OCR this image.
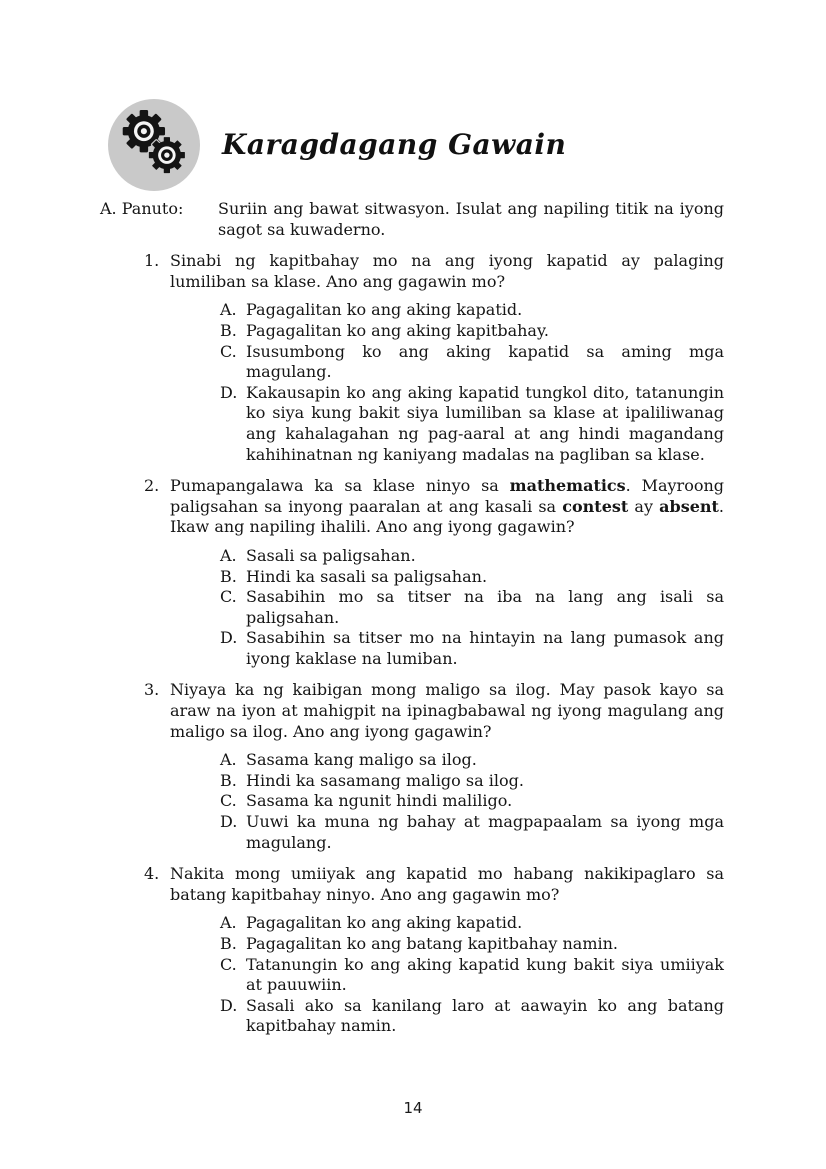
Karagdagang Gawain
A. Panuto:	Suriin ang bawat sitwasyon. Isulat ang napiling titik na iyong sagot sa kuwaderno.
1. Sinabi ng kapitbahay mo na ang iyong kapatid ay palaging lumiliban sa klase. Ano ang gagawin mo?
A. Pagagalitan ko ang aking kapatid.
B. Pagagalitan ko ang aking kapitbahay.
C. Isusumbong ko ang aking kapatid sa aming mga magulang.
D. Kakausapin ko ang aking kapatid tungkol dito, tatanungin ko siya kung bakit siya lumiliban sa klase at ipaliliwanag ang kahalagahan ng pag-aaral at ang hindi magandang kahihinatnan ng kaniyang madalas na pagliban sa klase.
2. Pumapangalawa ka sa klase ninyo sa mathematics. Mayroong paligsahan sa inyong paaralan at ang kasali sa contest ay absent. Ikaw ang napiling ihalili. Ano ang iyong gagawin?
A. Sasali sa paligsahan.
B. Hindi ka sasali sa paligsahan.
C. Sasabihin mo sa titser na iba na lang ang isali sa paligsahan.
D. Sasabihin sa titser mo na hintayin na lang pumasok ang iyong kaklase na lumiban.
3. Niyaya ka ng kaibigan mong maligo sa ilog. May pasok kayo sa araw na iyon at mahigpit na ipinagbabawal ng iyong magulang ang maligo sa ilog. Ano ang iyong gagawin?
A. Sasama kang maligo sa ilog.
B. Hindi ka sasamang maligo sa ilog.
C. Sasama ka ngunit hindi maliligo.
D. Uuwi ka muna ng bahay at magpapaalam sa iyong mga magulang.
4. Nakita mong umiiyak ang kapatid mo habang nakikipaglaro sa batang kapitbahay ninyo. Ano ang gagawin mo?
A. Pagagalitan ko ang aking kapatid.
B. Pagagalitan ko ang batang kapitbahay namin.
C. Tatanungin ko ang aking kapatid kung bakit siya umiiyak at pauuwiin.
D. Sasali ako sa kanilang laro at aawayin ko ang batang kapitbahay namin.
14
